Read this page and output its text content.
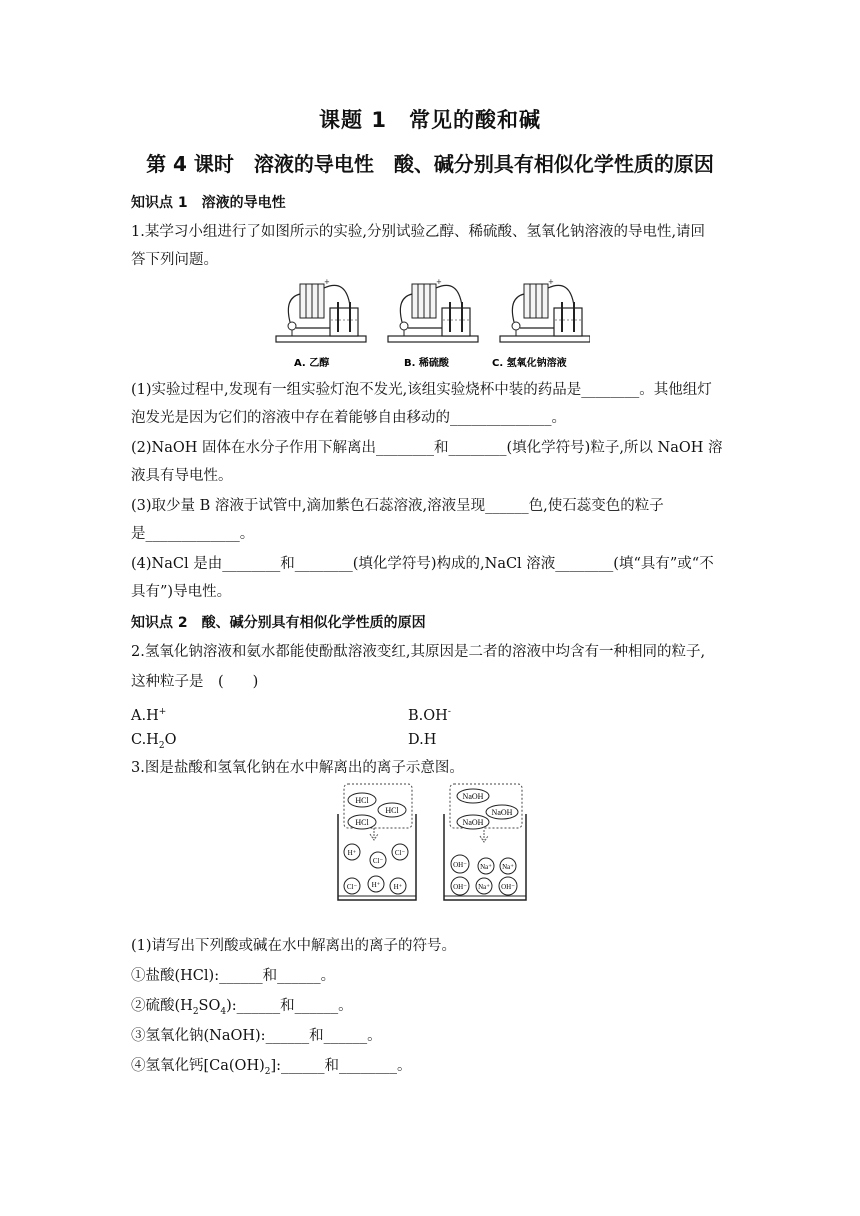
课题 1　常见的酸和碱
第 4 课时　溶液的导电性　酸、碱分别具有相似化学性质的原因
知识点 1　溶液的导电性
1.某学习小组进行了如图所示的实验,分别试验乙醇、稀硫酸、氢氧化钠溶液的导电性,请回
答下列问题。
+
A. 乙醇	B. 稀硫酸	C. 氢氧化钠溶液
(1)实验过程中,发现有一组实验灯泡不发光,该组实验烧杯中装的药品是________。其他组灯
泡发光是因为它们的溶液中存在着能够自由移动的______________。
(2)NaOH 固体在水分子作用下解离出________和________(填化学符号)粒子,所以 NaOH 溶
液具有导电性。
(3)取少量 B 溶液于试管中,滴加紫色石蕊溶液,溶液呈现______色,使石蕊变色的粒子
是_____________。
(4)NaCl 是由________和________(填化学符号)构成的,NaCl 溶液________(填“具有”或“不
具有”)导电性。
知识点 2　酸、碱分别具有相似化学性质的原因
2.氢氧化钠溶液和氨水都能使酚酞溶液变红,其原因是二者的溶液中均含有一种相同的粒子,
这种粒子是　(　　)
A.H+	B.OH-
$C.H_2O$	D.H
3.图是盐酸和氢氧化钠在水中解离出的离子示意图。
HCl
HCl
HCl
H⁺
Cl⁻
Cl⁻
Cl⁻ H⁺ H⁺
NaOH
NaOH
NaOH
OH⁻ Na⁺ Na⁺
OH⁻ Na⁺ OH⁻
(1)请写出下列酸或碱在水中解离出的离子的符号。
①盐酸(HCl):______和______。
②硫酸$(H_2SO_4):\_\_\_\_\_\_$和______。
③氢氧化钠(NaOH):______和______。
④氢氧化钙$[Ca(OH)_2]:\_\_\_\_\_\_$和________。
